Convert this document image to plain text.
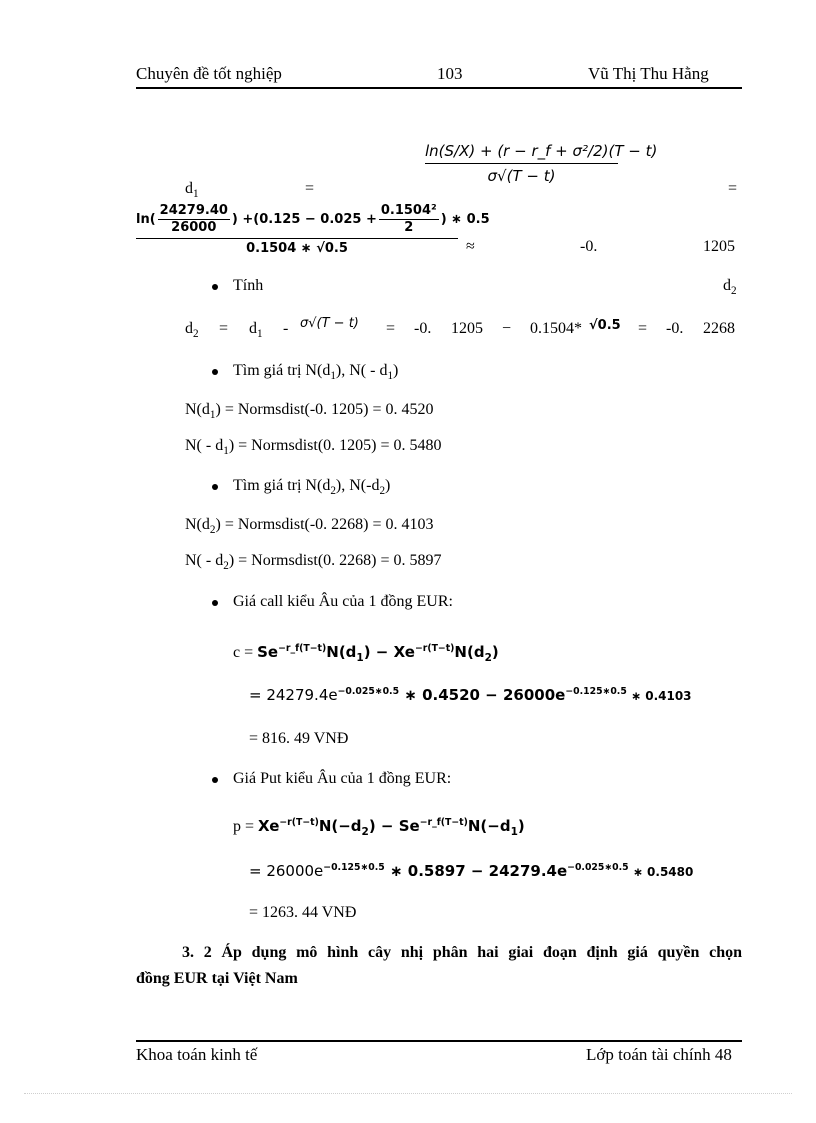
Chuyên đề tốt nghiệp	103	Vũ Thị Thu Hằng
$d_1$	=
$\frac{\text{ln(S/X) + (r − r\_f + σ²/2)(T − t)}}{\sigma√(T - t)}$
=
$\ln( \frac{24279.40}{26000}$ ) + ($0.125 - 0.025 + \frac{\text{0.1504²}}{2}$ ) ∗ 0.5
0.1504 ∗ √0.5	≈	-0.	1205
Tính	$d_2$
$d_2 = d_1 - \sigma√(T - t) = -0$. 1205 − 0.1504* √0.5 = -0. 2268
Tìm giá trị $N(d_1)$, $N( - d_1)$
$N(d_1)$ = Normsdist(-0. 1205) = 0. 4520
$N( - d_1)$ = Normsdist(0. 1205) = 0. 5480
Tìm giá trị $N(d_2)$, $N(-d_2)$
$N(d_2)$ = Normsdist(-0. 2268) = 0. 4103
$N( - d_2)$ = Normsdist(0. 2268) = 0. 5897
Giá call kiểu Âu của 1 đồng EUR:
$c = Se^{-r\_f(T-t)}N(d_1) - Xe^{-r(T-t)}N(d_2)$
= $24279.4e^{-0.025∗0.5}$ ∗ $0.4520 - 26000e^{-0.125∗0.5}$ ∗ 0.4103
= 816. 49 VNĐ
Giá Put kiểu Âu của 1 đồng EUR:
$p = Xe^{-r(T-t)}N(-d_2) - Se^{-r\_f(T-t)}N(-d_1)$
= $26000e^{-0.125∗0.5}$ ∗ $0.5897 - 24279.4e^{-0.025∗0.5}$ ∗ 0.5480
= 1263. 44 VNĐ
3. 2 Áp dụng mô hình cây nhị phân hai giai đoạn định giá quyền chọn
đồng EUR tại Việt Nam
Khoa toán kinh tế	Lớp toán tài chính 48
